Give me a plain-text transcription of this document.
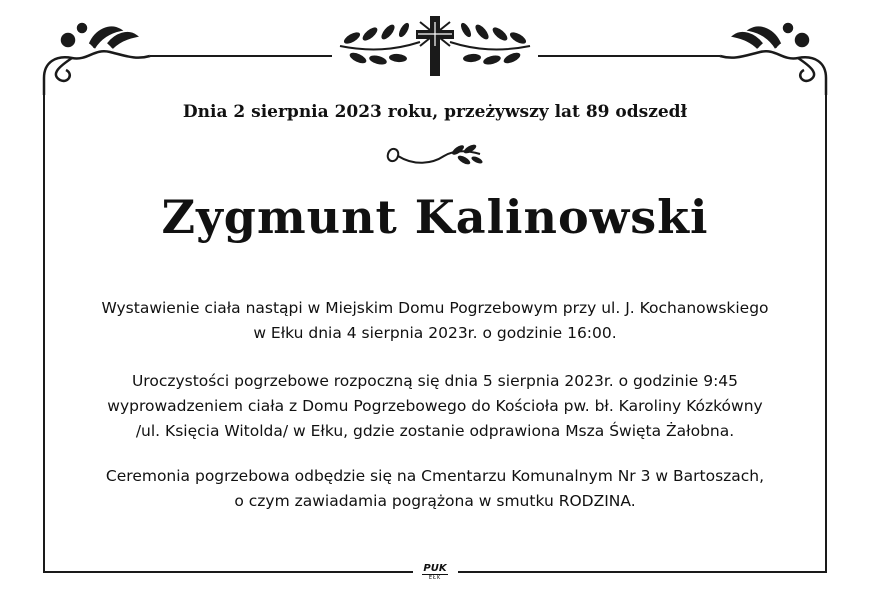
Dnia 2 sierpnia 2023 roku, przeżywszy lat 89 odszedł
Zygmunt Kalinowski
Wystawienie ciała nastąpi w Miejskim Domu Pogrzebowym przy ul. J. Kochanowskiego
w Ełku dnia 4 sierpnia 2023r. o godzinie 16:00.
Uroczystości pogrzebowe rozpoczną się dnia 5 sierpnia 2023r. o godzinie 9:45
wyprowadzeniem ciała z Domu Pogrzebowego do Kościoła pw. bł. Karoliny Kózkówny
/ul. Księcia Witolda/ w Ełku, gdzie zostanie odprawiona Msza Święta Żałobna.
Ceremonia pogrzebowa odbędzie się na Cmentarzu Komunalnym Nr 3 w Bartoszach,
o czym zawiadamia pogrążona w smutku RODZINA.
PUK
EŁK
